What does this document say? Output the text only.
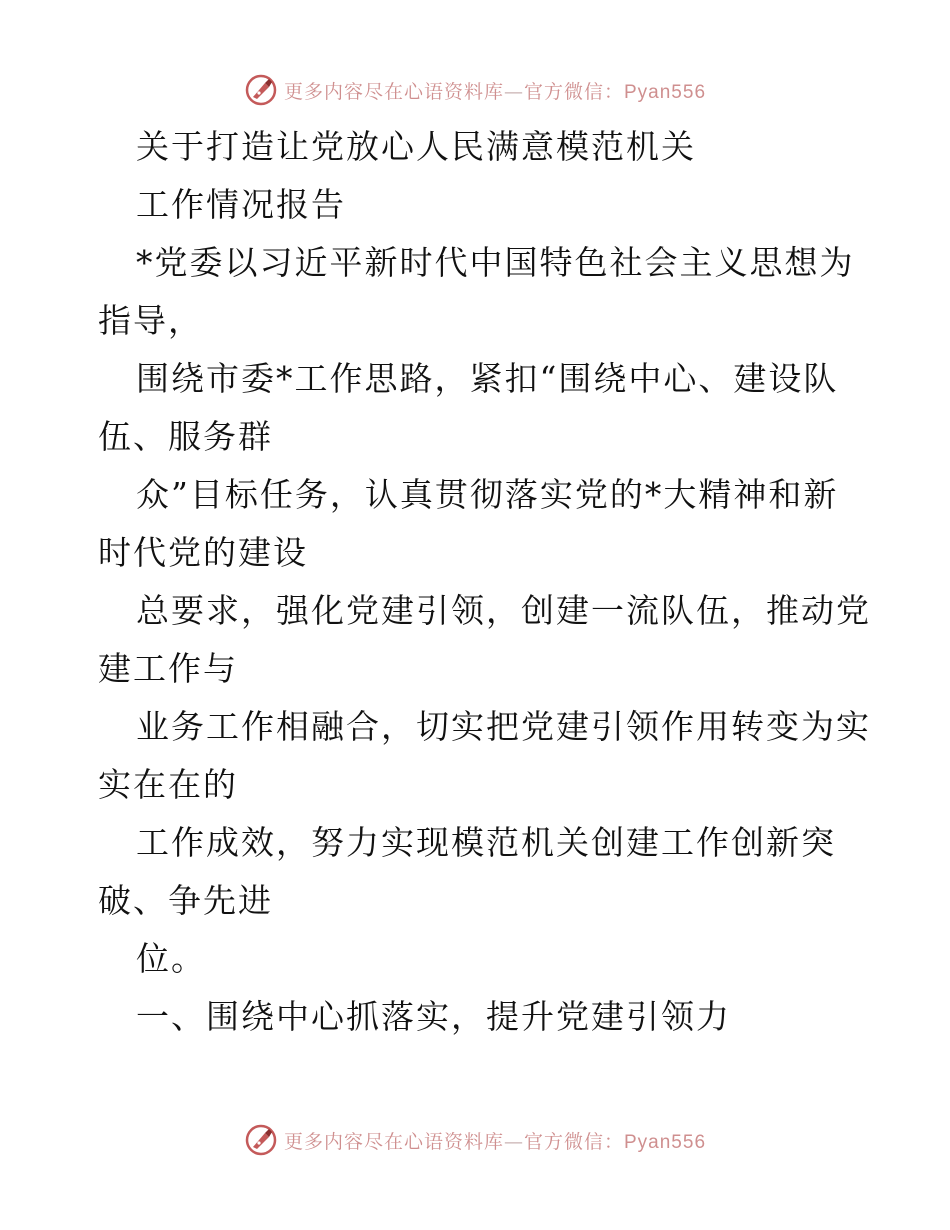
更多内容尽在心语资料库—官方微信：Pyan556
关于打造让党放心人民满意模范机关
工作情况报告
*党委以习近平新时代中国特色社会主义思想为
指导，
围绕市委*工作思路，紧扣“围绕中心、建设队
伍、服务群
众”目标任务，认真贯彻落实党的*大精神和新
时代党的建设
总要求，强化党建引领，创建一流队伍，推动党
建工作与
业务工作相融合，切实把党建引领作用转变为实
实在在的
工作成效，努力实现模范机关创建工作创新突
破、争先进
位。
一、围绕中心抓落实，提升党建引领力
更多内容尽在心语资料库—官方微信：Pyan556
